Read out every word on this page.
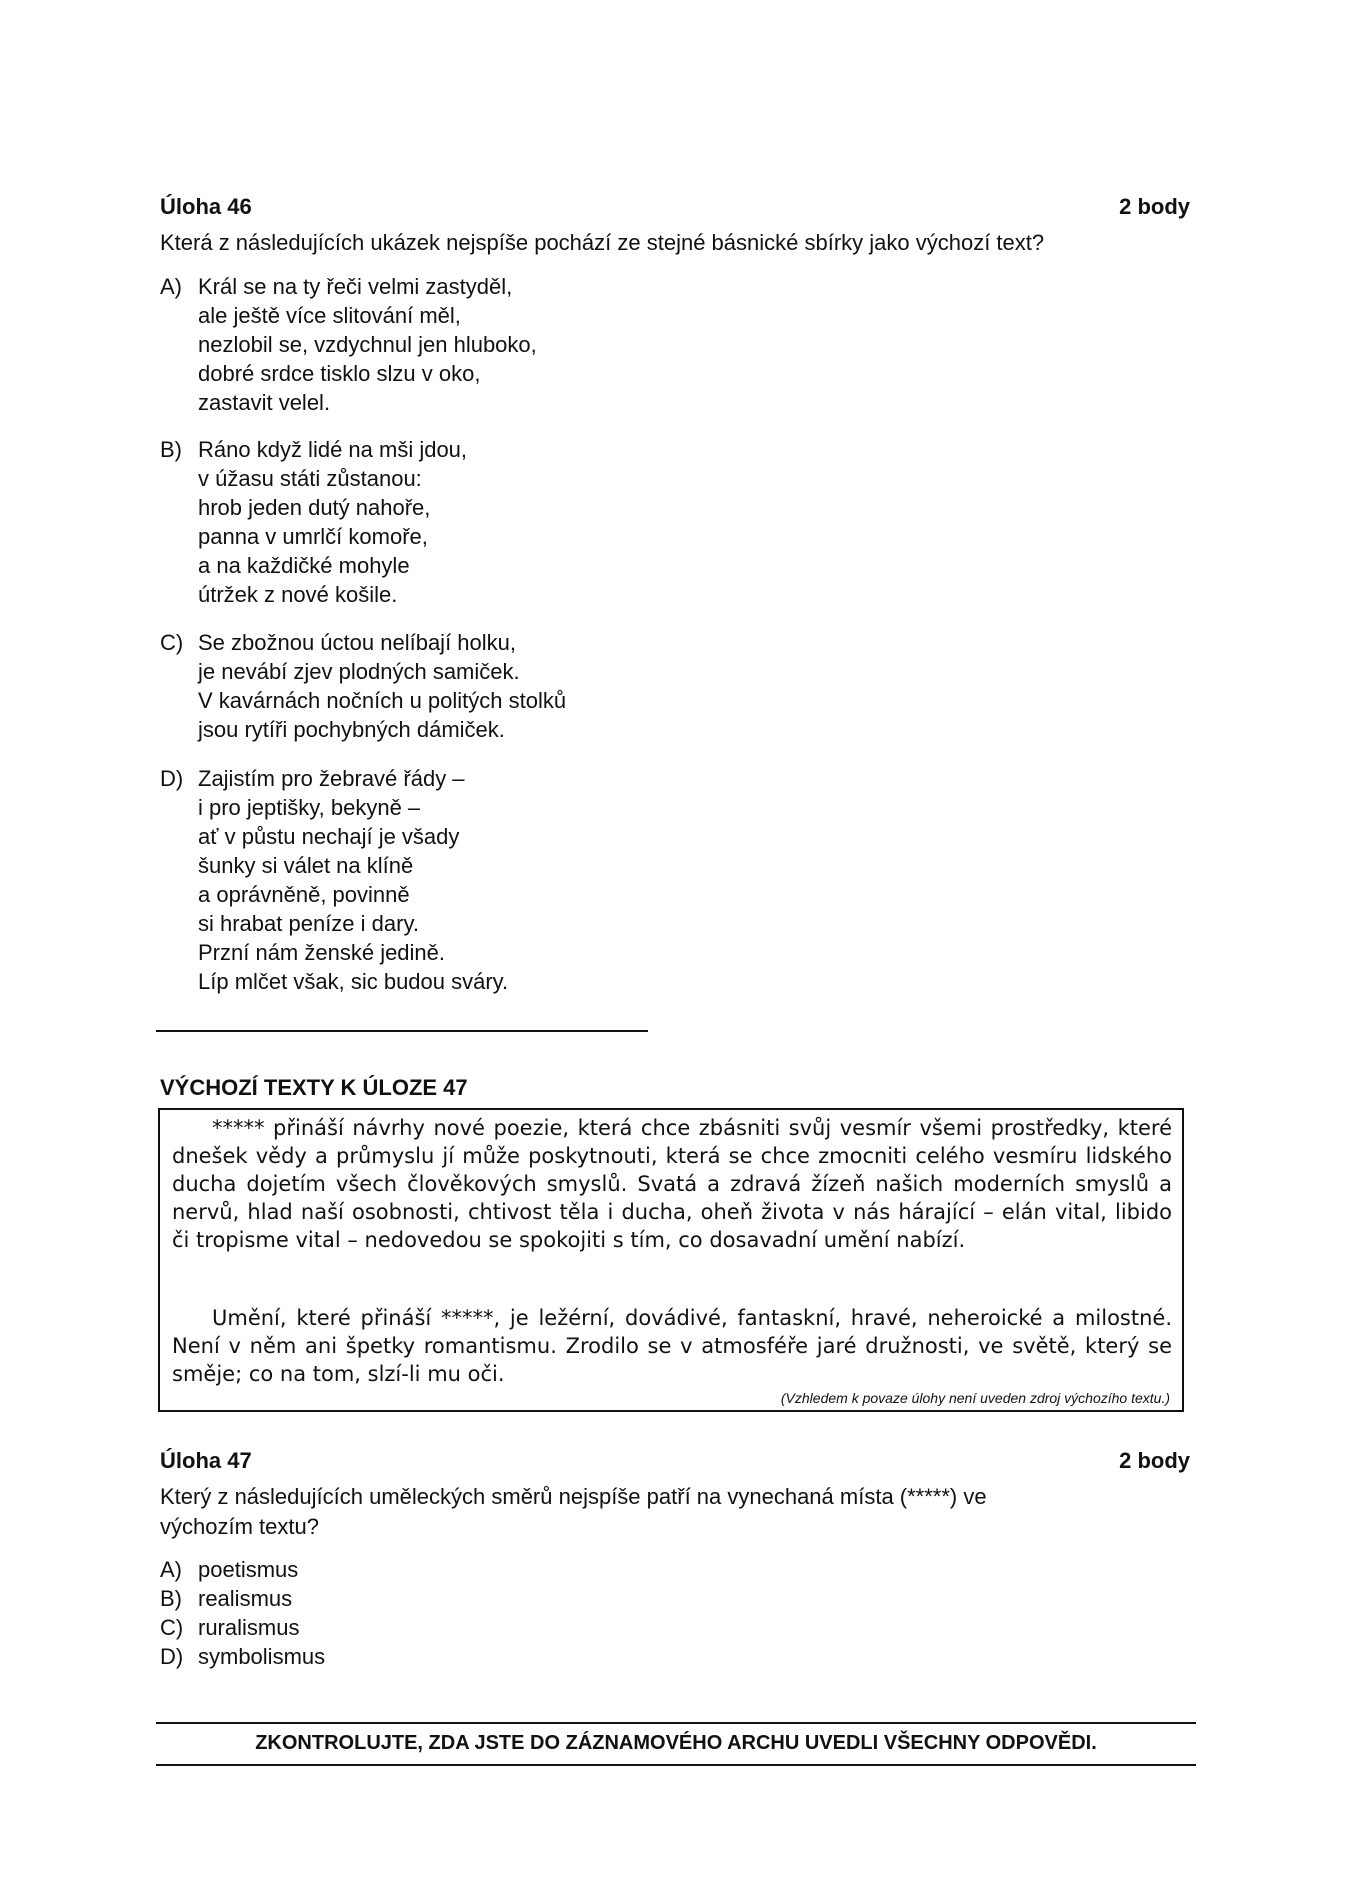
Úloha 46	2 body
Která z následujících ukázek nejspíše pochází ze stejné básnické sbírky jako výchozí text?
A) Král se na ty řeči velmi zastyděl,
ale ještě více slitování měl,
nezlobil se, vzdychnul jen hluboko,
dobré srdce tisklo slzu v oko,
zastavit velel.
B) Ráno když lidé na mši jdou,
v úžasu státi zůstanou:
hrob jeden dutý nahoře,
panna v umrlčí komoře,
a na každičké mohyle
útržek z nové košile.
C) Se zbožnou úctou nelíbají holku,
je nevábí zjev plodných samiček.
V kavárnách nočních u politých stolků
jsou rytíři pochybných dámiček.
D) Zajistím pro žebravé řády –
i pro jeptišky, bekyně –
ať v půstu nechají je všady
šunky si válet na klíně
a oprávněně, povinně
si hrabat peníze i dary.
Przní nám ženské jedině.
Líp mlčet však, sic budou sváry.
VÝCHOZÍ TEXTY K ÚLOZE 47
***** přináší návrhy nové poezie, která chce zbásniti svůj vesmír všemi prostředky, které dnešek vědy a průmyslu jí může poskytnouti, která se chce zmocniti celého vesmíru lidského ducha dojetím všech člověkových smyslů. Svatá a zdravá žízeň našich moderních smyslů a nervů, hlad naší osobnosti, chtivost těla i ducha, oheň života v nás hárající – elán vital, libido či tropisme vital – nedovedou se spokojiti s tím, co dosavadní umění nabízí.
Umění, které přináší *****, je ležérní, dovádivé, fantaskní, hravé, neheroické a milostné. Není v něm ani špetky romantismu. Zrodilo se v atmosféře jaré družnosti, ve světě, který se směje; co na tom, slzí-li mu oči.
(Vzhledem k povaze úlohy není uveden zdroj výchozího textu.)
Úloha 47	2 body
Který z následujících uměleckých směrů nejspíše patří na vynechaná místa (*****) ve
výchozím textu?
A) poetismus
B) realismus
C) ruralismus
D) symbolismus
ZKONTROLUJTE, ZDA JSTE DO ZÁZNAMOVÉHO ARCHU UVEDLI VŠECHNY ODPOVĚDI.
